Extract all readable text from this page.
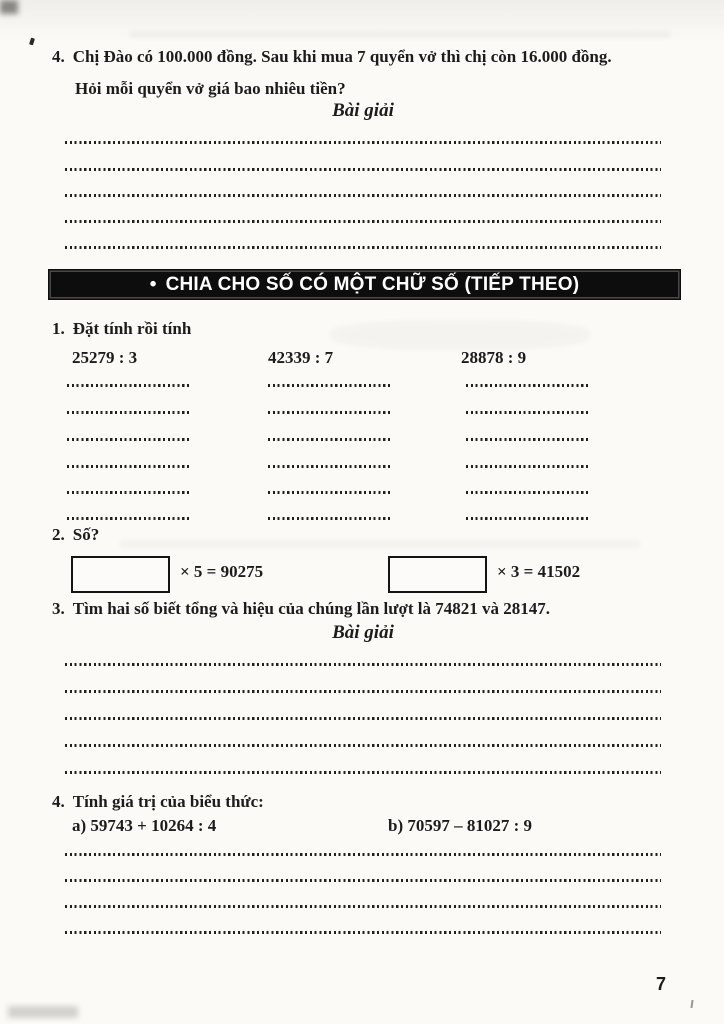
4. Chị Đào có 100.000 đồng. Sau khi mua 7 quyển vở thì chị còn 16.000 đồng.
Hỏi mỗi quyển vở giá bao nhiêu tiền?
Bài giải
• CHIA CHO SỐ CÓ MỘT CHỮ SỐ (TIẾP THEO)
1. Đặt tính rồi tính
25279 : 3	42339 : 7	28878 : 9
2. Số?
× 5 = 90275	× 3 = 41502
3. Tìm hai số biết tổng và hiệu của chúng lần lượt là 74821 và 28147.
Bài giải
4. Tính giá trị của biểu thức:
a) 59743 + 10264 : 4	b) 70597 – 81027 : 9
7
